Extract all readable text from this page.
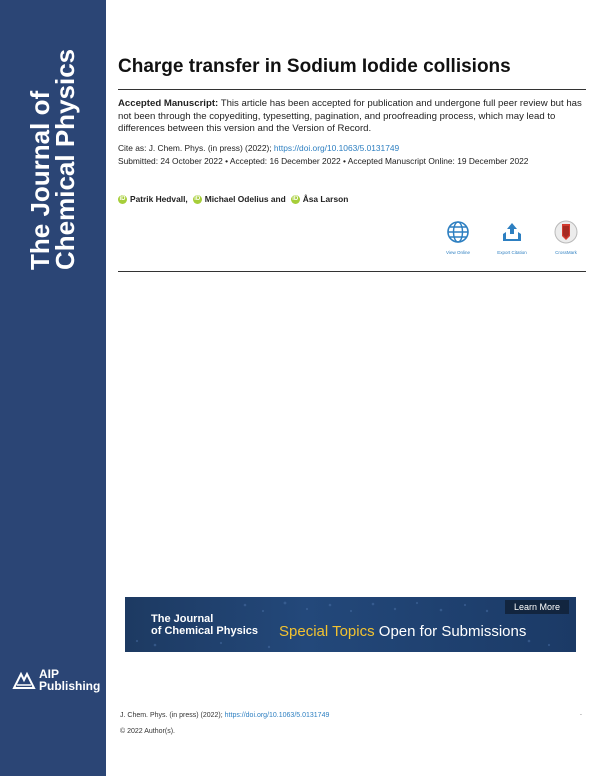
The Journal of
Chemical Physics
AIP
Publishing
Charge transfer in Sodium Iodide collisions

Accepted Manuscript: This article has been accepted for publication and undergone full peer review but has not been through the copyediting, typesetting, pagination, and proofreading process, which may lead to differences between this version and the Version of Record.

Cite as: J. Chem. Phys. (in press) (2022); https://doi.org/10.1063/5.0131749

Submitted: 24 October 2022 • Accepted: 16 December 2022 • Accepted Manuscript Online: 19 December 2022

iD Patrik Hedvall, iD Michael Odelius and iD Åsa Larson
View Online	Export Citation	CrossMark
Learn More
The Journal
of Chemical Physics Special Topics Open for Submissions

J. Chem. Phys. (in press) (2022); https://doi.org/10.1063/5.0131749	.

© 2022 Author(s).
